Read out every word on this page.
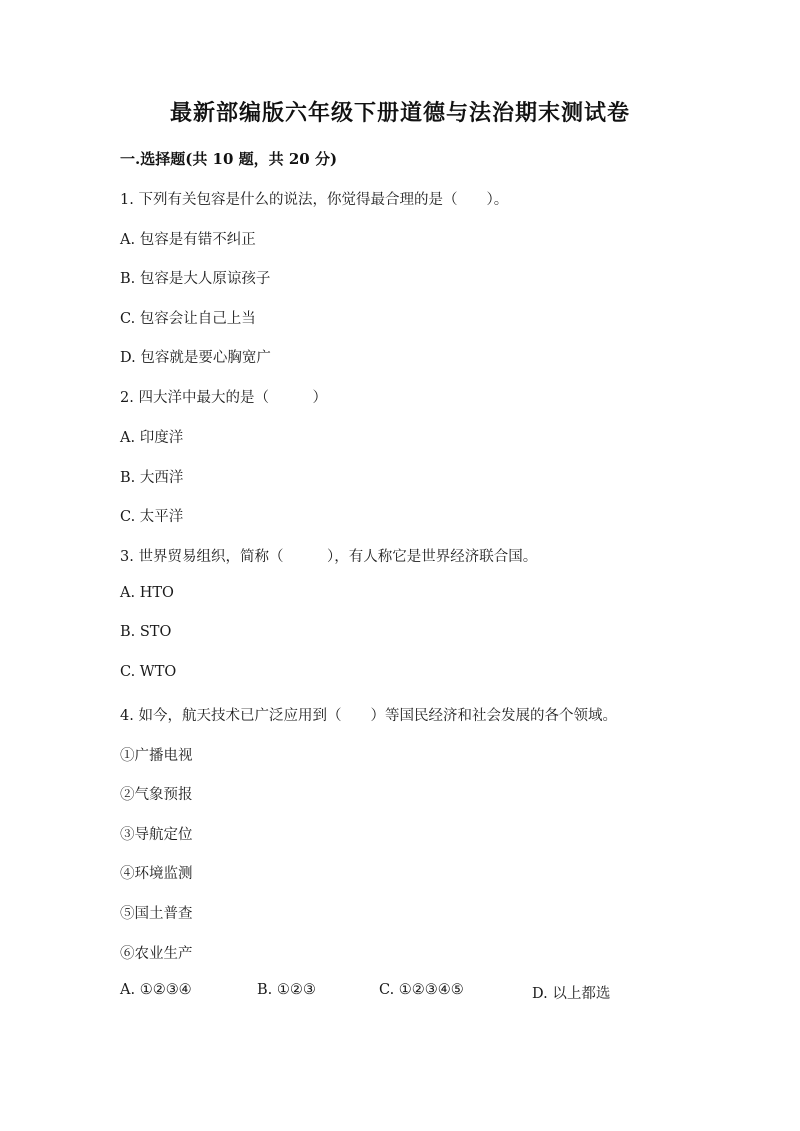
最新部编版六年级下册道德与法治期末测试卷
一.选择题(共 10 题，共 20 分)
1. 下列有关包容是什么的说法，你觉得最合理的是（　　）。
A. 包容是有错不纠正
B. 包容是大人原谅孩子
C. 包容会让自己上当
D. 包容就是要心胸宽广
2. 四大洋中最大的是（　　　）
A. 印度洋
B. 大西洋
C. 太平洋
3. 世界贸易组织，简称（　　　），有人称它是世界经济联合国。
A. HTO
B. STO
C. WTO
4. 如今，航天技术已广泛应用到（　　）等国民经济和社会发展的各个领域。
①广播电视
②气象预报
③导航定位
④环境监测
⑤国土普查
⑥农业生产
A. ①②③④	B. ①②③	C. ①②③④⑤	D. 以上都选
